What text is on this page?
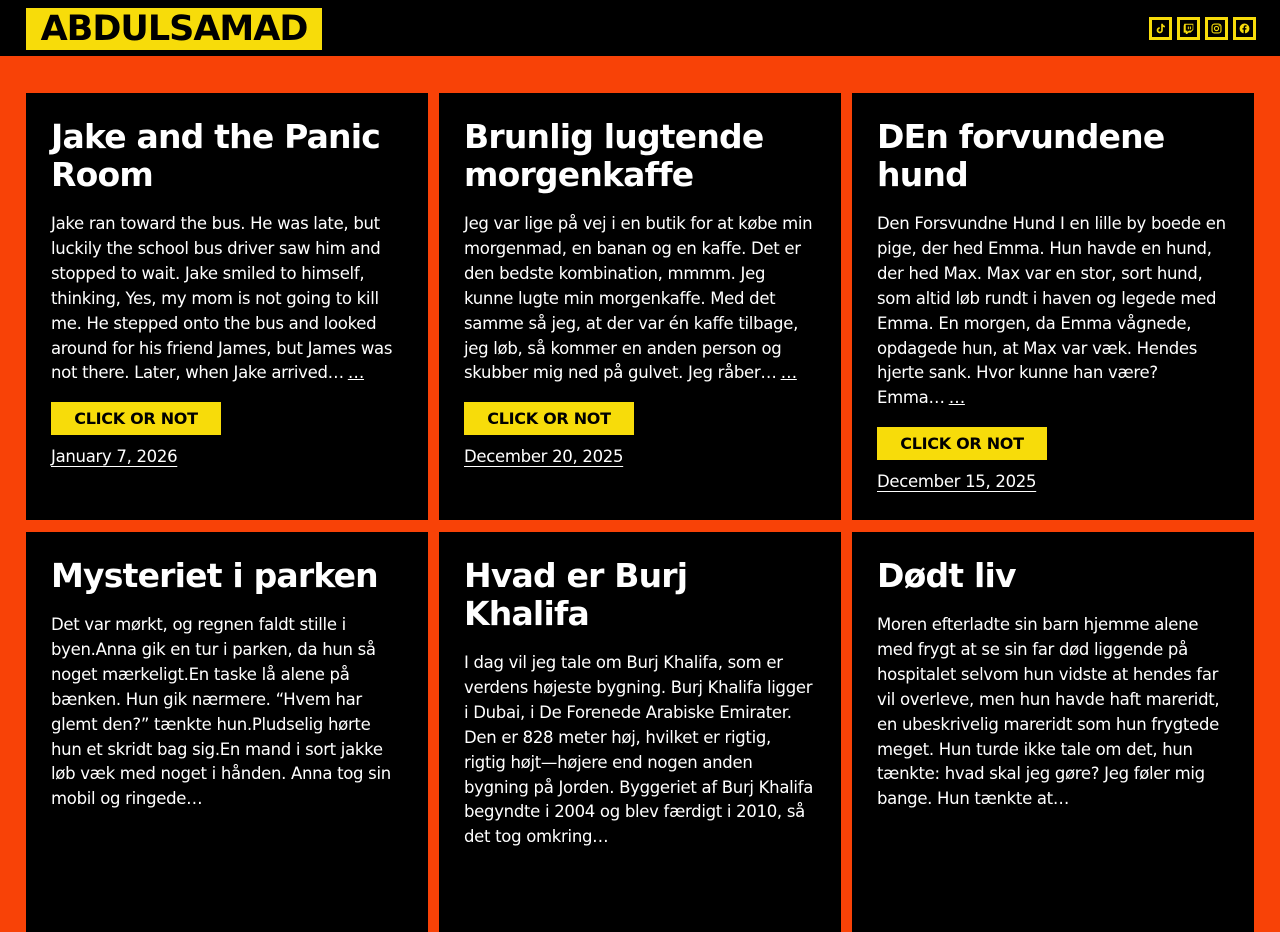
ABDULSAMAD
Jake and the Panic Room

Jake ran toward the bus. He was late, but luckily the school bus driver saw him and stopped to wait. Jake smiled to himself, thinking, Yes, my mom is not going to kill me. He stepped onto the bus and looked around for his friend James, but James was not there. Later, when Jake arrived… …

CLICK OR NOT
January 7, 2026
Brunlig lugtende morgenkaffe

Jeg var lige på vej i en butik for at købe min morgenmad, en banan og en kaffe. Det er den bedste kombination, mmmm. Jeg kunne lugte min morgenkaffe. Med det samme så jeg, at der var én kaffe tilbage, jeg løb, så kommer en anden person og skubber mig ned på gulvet. Jeg råber… …

CLICK OR NOT
December 20, 2025
DEn forvundene hund

Den Forsvundne Hund I en lille by boede en pige, der hed Emma. Hun havde en hund, der hed Max. Max var en stor, sort hund, som altid løb rundt i haven og legede med Emma. En morgen, da Emma vågnede, opdagede hun, at Max var væk. Hendes hjerte sank. Hvor kunne han være? Emma… …

CLICK OR NOT
December 15, 2025
Mysteriet i parken

Det var mørkt, og regnen faldt stille i byen.Anna gik en tur i parken, da hun så noget mærkeligt.En taske lå alene på bænken. Hun gik nærmere. “Hvem har glemt den?” tænkte hun.Pludselig hørte hun et skridt bag sig.En mand i sort jakke løb væk med noget i hånden. Anna tog sin mobil og ringede…

Hvad er Burj Khalifa

I dag vil jeg tale om Burj Khalifa, som er verdens højeste bygning. Burj Khalifa ligger i Dubai, i De Forenede Arabiske Emirater. Den er 828 meter høj, hvilket er rigtig, rigtig højt—højere end nogen anden bygning på Jorden. Byggeriet af Burj Khalifa begyndte i 2004 og blev færdigt i 2010, så det tog omkring…

Dødt liv

Moren efterladte sin barn hjemme alene med frygt at se sin far død liggende på hospitalet selvom hun vidste at hendes far vil overleve, men hun havde haft mareridt, en ubeskrivelig mareridt som hun frygtede meget. Hun turde ikke tale om det, hun tænkte: hvad skal jeg gøre? Jeg føler mig bange. Hun tænkte at…
